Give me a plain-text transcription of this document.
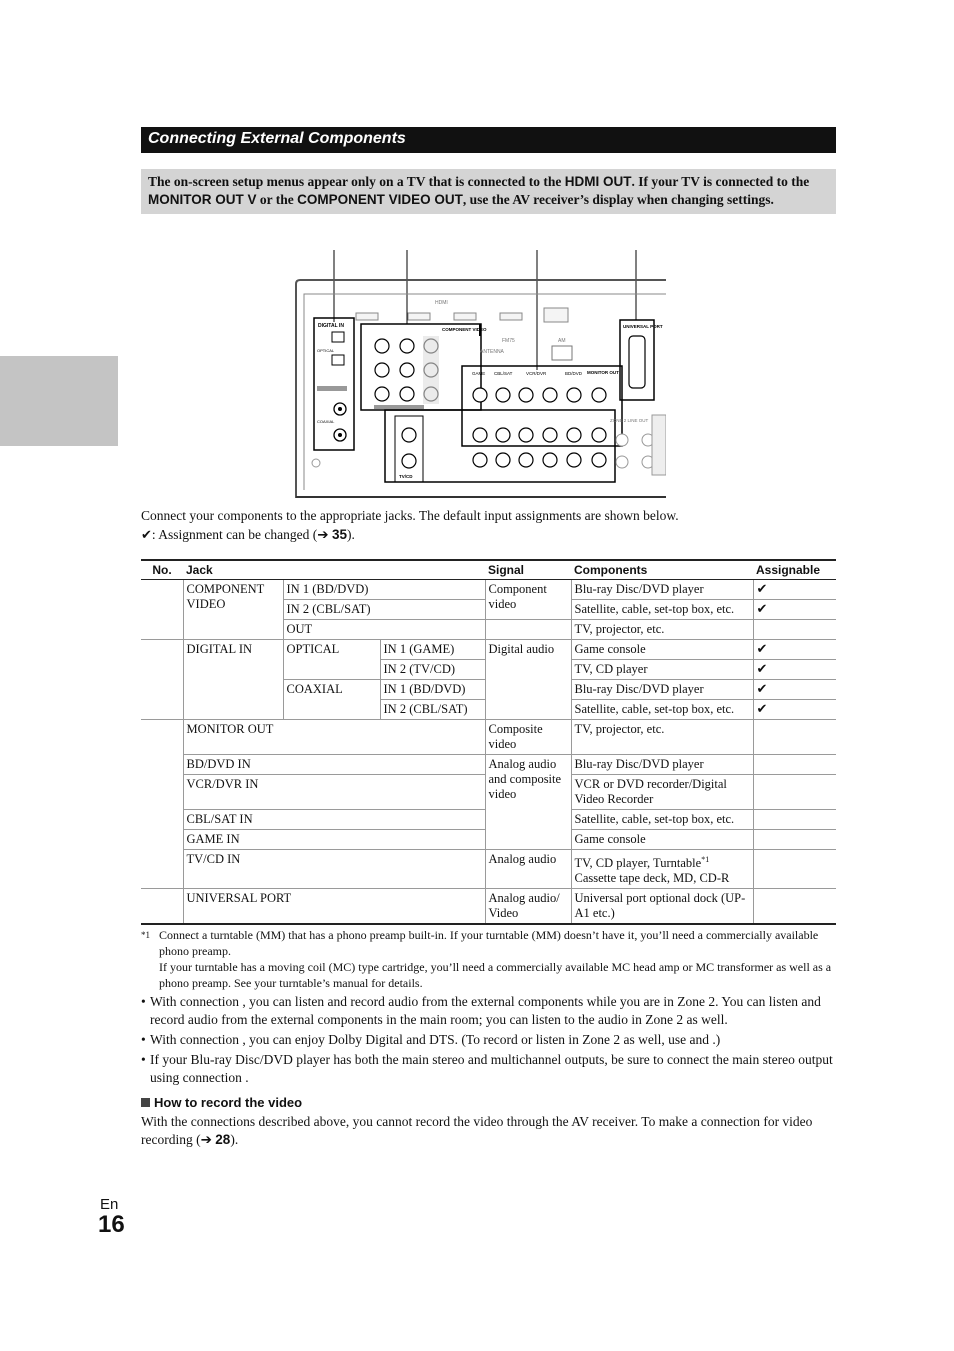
Connecting External Components
The on-screen setup menus appear only on a TV that is connected to the HDMI OUT. If your TV is connected to the MONITOR OUT V or the COMPONENT VIDEO OUT, use the AV receiver’s display when changing settings.
HDMI
DIGITAL IN
OPTICAL
COAXIAL
COMPONENT VIDEO
ANTENNA
FM75	AM
UNIVERSAL PORT
MONITOR OUT
GAME CBL/SAT	VCR/DVR	BD/DVD
TV/CD
ZONE 2 LINE OUT
Connect your components to the appropriate jacks. The default input assignments are shown below.
✔: Assignment can be changed (➔ 35).
No.	Jack			Signal	Components	Assignable
	COMPONENT VIDEO	IN 1 (BD/DVD)		Component video	Blu-ray Disc/DVD player	✔
		IN 2 (CBL/SAT)			Satellite, cable, set-top box, etc.	✔
		OUT			TV, projector, etc.	
	DIGITAL IN	OPTICAL	IN 1 (GAME)	Digital audio	Game console	✔
			IN 2 (TV/CD)		TV, CD player	✔
		COAXIAL	IN 1 (BD/DVD)		Blu-ray Disc/DVD player	✔
			IN 2 (CBL/SAT)		Satellite, cable, set-top box, etc.	✔
	MONITOR OUT			Composite video	TV, projector, etc.	
	BD/DVD IN			Analog audio and composite video	Blu-ray Disc/DVD player	
	VCR/DVR IN				VCR or DVD recorder/Digital Video Recorder	
	CBL/SAT IN				Satellite, cable, set-top box, etc.	
	GAME IN				Game console	
	TV/CD IN			Analog audio	TV, CD player, Turntable$^{*1}$
Cassette tape deck, MD, CD-R	
	UNIVERSAL PORT			Analog audio/ Video	Universal port optional dock (UP-A1 etc.)	
*1 Connect a turntable (MM) that has a phono preamp built-in. If your turntable (MM) doesn’t have it, you’ll need a commercially available phono preamp.
If your turntable has a moving coil (MC) type cartridge, you’ll need a commercially available MC head amp or MC transformer as well as a phono preamp. See your turntable’s manual for details.
• With connection , you can listen and record audio from the external components while you are in Zone 2. You can listen and record audio from the external components in the main room; you can listen to the audio in Zone 2 as well.
• With connection , you can enjoy Dolby Digital and DTS. (To record or listen in Zone 2 as well, use and .)
• If your Blu-ray Disc/DVD player has both the main stereo and multichannel outputs, be sure to connect the main stereo output using connection .
How to record the video
With the connections described above, you cannot record the video through the AV receiver. To make a connection for video recording (➔ 28).
En
16
